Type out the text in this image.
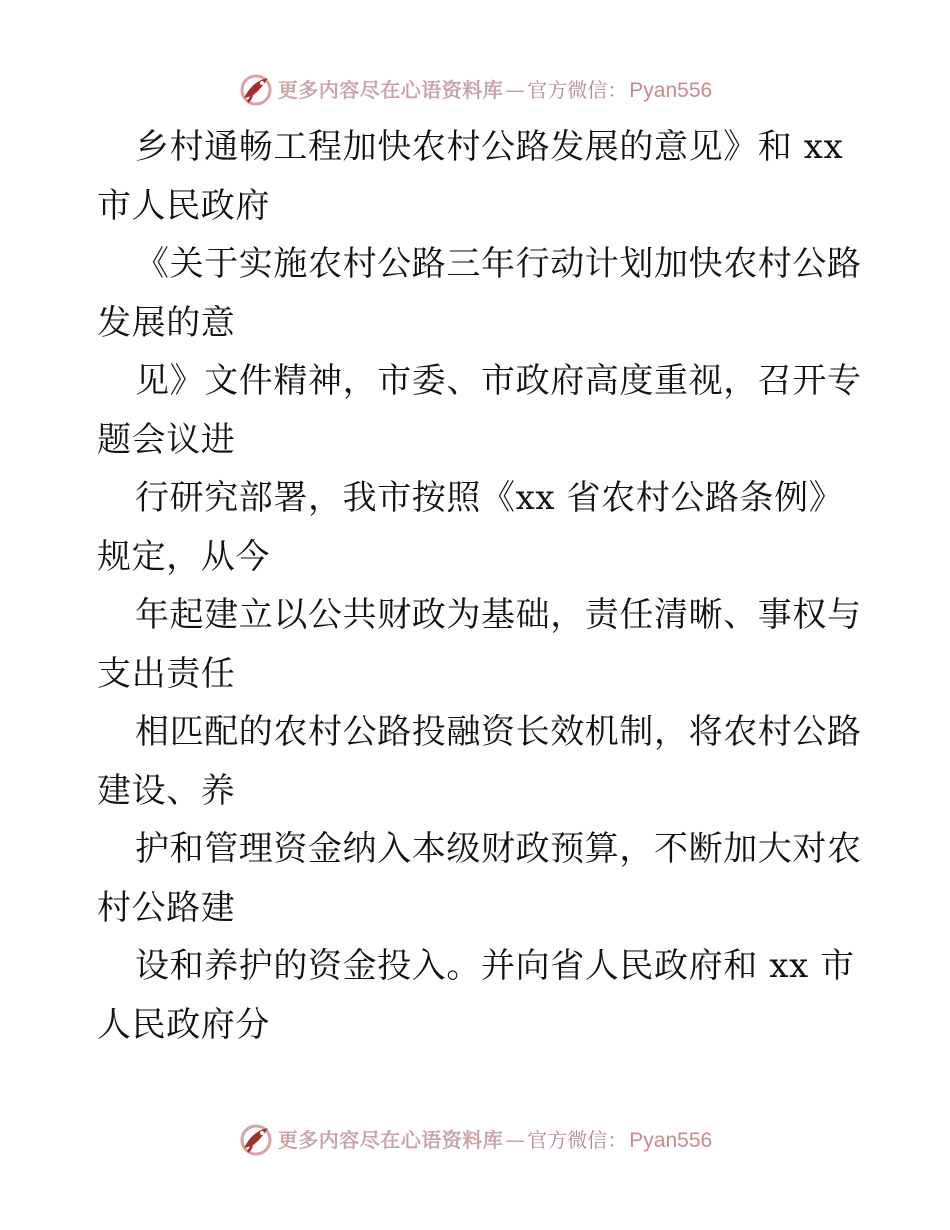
更多内容尽在心语资料库 — 官方微信： Pyan556
乡村通畅工程加快农村公路发展的意见》和 xx
市人民政府
《关于实施农村公路三年行动计划加快农村公路
发展的意
见》文件精神，市委、市政府高度重视，召开专
题会议进
行研究部署，我市按照《xx 省农村公路条例》
规定，从今
年起建立以公共财政为基础，责任清晰、事权与
支出责任
相匹配的农村公路投融资长效机制，将农村公路
建设、养
护和管理资金纳入本级财政预算，不断加大对农
村公路建
设和养护的资金投入。并向省人民政府和 xx 市
人民政府分
更多内容尽在心语资料库 — 官方微信： Pyan556
